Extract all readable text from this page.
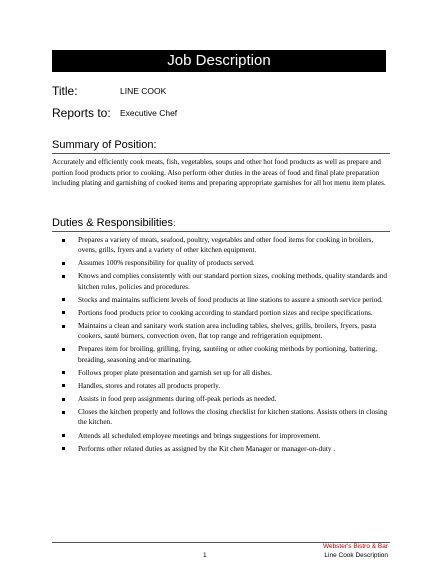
Job Description
Title:	LINE COOK
Reports to: Executive Chef
Summary of Position:

Accurately and efficiently cook meats, fish, vegetables, soups and other hot food products as well as prepare and portion food products prior to cooking. Also perform other duties in the areas of food and final plate preparation including plating and garnishing of cooked items and preparing appropriate garnishes for all hot menu item plates.

Duties & Responsibilities:
Prepares a variety of meats, seafood, poultry, vegetables and other food items for cooking in broilers, ovens, grills, fryers and a variety of other kitchen equipment.
Assumes 100% responsibility for quality of products served.
Knows and complies consistently with our standard portion sizes, cooking methods, quality standards and kitchen rules, policies and procedures.
Stocks and maintains sufficient levels of food products at line stations to assure a smooth service period.
Portions food products prior to cooking according to standard portion sizes and recipe specifications.
Maintains a clean and sanitary work station area including tables, shelves, grills, broilers, fryers, pasta cookers, sauté burners, convection oven, flat top range and refrigeration equipment.
Prepares item for broiling, grilling, frying, sautéing or other cooking methods by portioning, battering, breading, seasoning and/or marinating.
Follows proper plate presentation and garnish set up for all dishes.
Handles, stores and rotates all products properly.
Assists in food prep assignments during off-peak periods as needed.
Closes the kitchen properly and follows the closing checklist for kitchen stations. Assists others in closing the kitchen.
Attends all scheduled employee meetings and brings suggestions for improvement.
Performs other related duties as assigned by the Kit chen Manager or manager-on-duty .
Webster's Bistro & Bar
1	Line Cook Description
